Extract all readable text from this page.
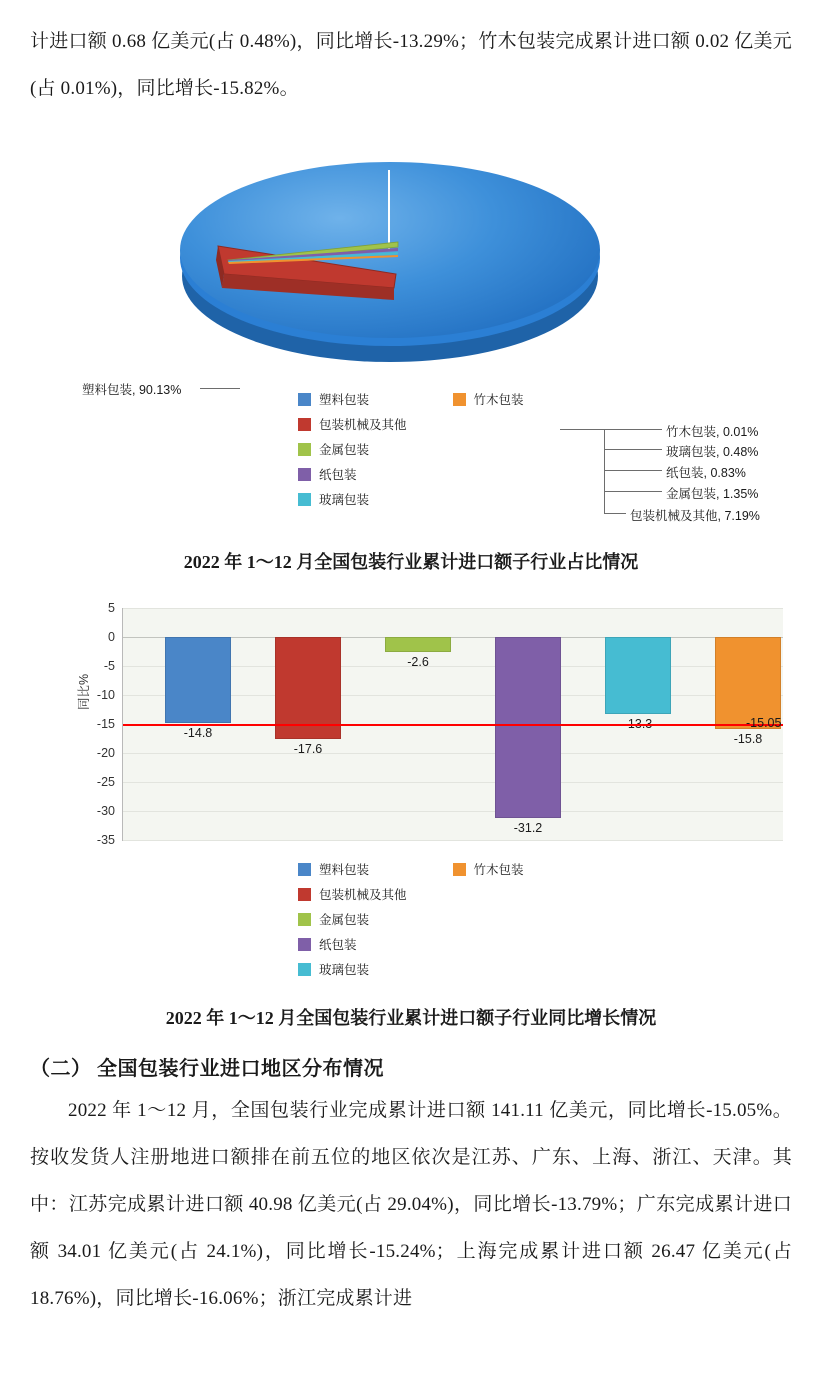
计进口额 0.68 亿美元(占 0.48%)，同比增长-13.29%；竹木包装完成累计进口额 0.02 亿美元(占 0.01%)，同比增长-15.82%。

塑料包装, 90.13%
竹木包装, 0.01%
玻璃包装, 0.48%
纸包装, 0.83%
金属包装, 1.35%
包装机械及其他, 7.19%
塑料包装
包装机械及其他
金属包装
纸包装
玻璃包装
竹木包装
2022 年 1～12 月全国包装行业累计进口额子行业占比情况
同比%
5
0
-5
-10
-15
-20
-25
-30
-35
-14.8
-17.6
-2.6
-31.2
-15.8
-15.05
塑料包装
包装机械及其他
金属包装
纸包装
玻璃包装
竹木包装
2022 年 1～12 月全国包装行业累计进口额子行业同比增长情况
（二） 全国包装行业进口地区分布情况

2022 年 1～12 月，全国包装行业完成累计进口额 141.11 亿美元，同比增长-15.05%。按收发货人注册地进口额排在前五位的地区依次是江苏、广东、上海、浙江、天津。其中：江苏完成累计进口额 40.98 亿美元(占 29.04%)，同比增长-13.79%；广东完成累计进口额 34.01 亿美元(占 24.1%)，同比增长-15.24%；上海完成累计进口额 26.47 亿美元(占 18.76%)，同比增长-16.06%；浙江完成累计进
